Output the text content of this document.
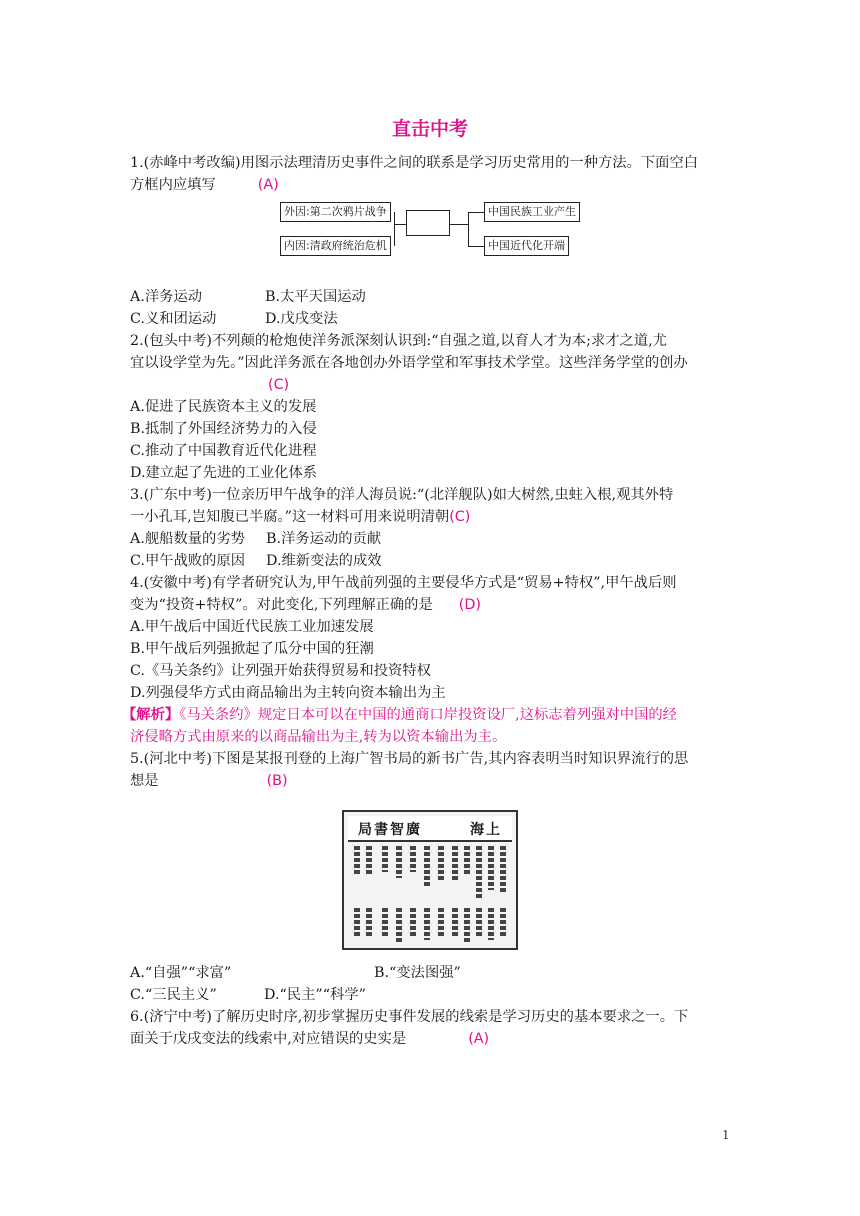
直击中考
1.(赤峰中考改编)用图示法理清历史事件之间的联系是学习历史常用的一种方法。下面空白
方框内应填写	(A)
外因:第二次鸦片战争
内因:清政府统治危机
中国民族工业产生
中国近代化开端
A.洋务运动	B.太平天国运动
C.义和团运动	D.戊戌变法
2.(包头中考)不列颠的枪炮使洋务派深刻认识到:“自强之道,以育人才为本;求才之道,尤
宜以设学堂为先。”因此洋务派在各地创办外语学堂和军事技术学堂。这些洋务学堂的创办
(C)
A.促进了民族资本主义的发展
B.抵制了外国经济势力的入侵
C.推动了中国教育近代化进程
D.建立起了先进的工业化体系
3.(广东中考)一位亲历甲午战争的洋人海员说:“(北洋舰队)如大树然,虫蛀入根,观其外特
一小孔耳,岂知腹已半腐。”这一材料可用来说明清朝(C)
A.舰船数量的劣势 B.洋务运动的贡献
C.甲午战败的原因 D.维新变法的成效
4.(安徽中考)有学者研究认为,甲午战前列强的主要侵华方式是“贸易+特权”,甲午战后则
变为“投资+特权”。对此变化,下列理解正确的是 (D)
A.甲午战后中国近代民族工业加速发展
B.甲午战后列强掀起了瓜分中国的狂潮
C.《马关条约》让列强开始获得贸易和投资特权
D.列强侵华方式由商品输出为主转向资本输出为主
【解析】《马关条约》规定日本可以在中国的通商口岸投资设厂,这标志着列强对中国的经
济侵略方式由原来的以商品输出为主,转为以资本输出为主。
5.(河北中考)下图是某报刊登的上海广智书局的新书广告,其内容表明当时知识界流行的思
想是	(B)
局書智廣	海上
A.“自强”“求富”	B.“变法图强”
C.“三民主义”	D.“民主”“科学”
6.(济宁中考)了解历史时序,初步掌握历史事件发展的线索是学习历史的基本要求之一。下
面关于戊戌变法的线索中,对应错误的史实是	(A)
1
